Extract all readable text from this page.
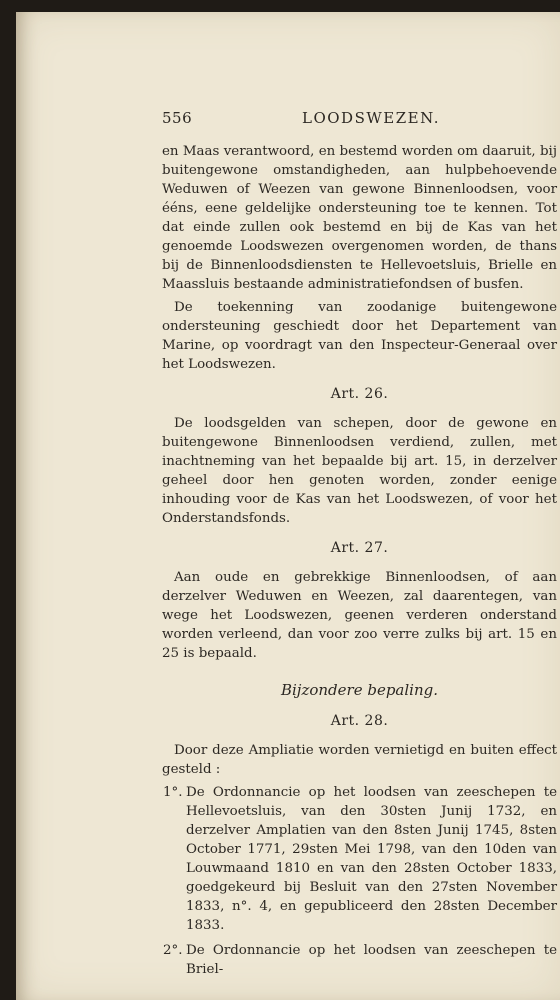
556	LOODSWEZEN.

en Maas verantwoord, en bestemd worden om daaruit, bij buitengewone omstandigheden, aan hulpbehoevende Weduwen of Weezen van gewone Binnenloodsen, voor ééns, eene geldelijke ondersteuning toe te kennen. Tot dat einde zullen ook bestemd en bij de Kas van het genoemde Loodswezen overgenomen worden, de thans bij de Binnenloodsdiensten te Hellevoetsluis, Brielle en Maassluis bestaande administratiefondsen of busfen.

De toekenning van zoodanige buitengewone ondersteuning geschiedt door het Departement van Marine, op voordragt van den Inspecteur-Generaal over het Loodswezen.

Art. 26.

De loodsgelden van schepen, door de gewone en buitengewone Binnenloodsen verdiend, zullen, met inachtneming van het bepaalde bij art. 15, in derzelver geheel door hen genoten worden, zonder eenige inhouding voor de Kas van het Loodswezen, of voor het Onderstandsfonds.

Art. 27.

Aan oude en gebrekkige Binnenloodsen, of aan derzelver Weduwen en Weezen, zal daarentegen, van wege het Loodswezen, geenen verderen onderstand worden verleend, dan voor zoo verre zulks bij art. 15 en 25 is bepaald.

Bijzondere bepaling.
Art. 28.

Door deze Ampliatie worden vernietigd en buiten effect gesteld :

1°. De Ordonnancie op het loodsen van zeeschepen te Hellevoetsluis, van den 30sten Junij 1732, en derzelver Amplatien van den 8sten Junij 1745, 8sten October 1771, 29sten Mei 1798, van den 10den van Louwmaand 1810 en van den 28sten October 1833, goedgekeurd bij Besluit van den 27sten November 1833, n°. 4, en gepubliceerd den 28sten December 1833.
2°. De Ordonnancie op het loodsen van zeeschepen te Briel-
